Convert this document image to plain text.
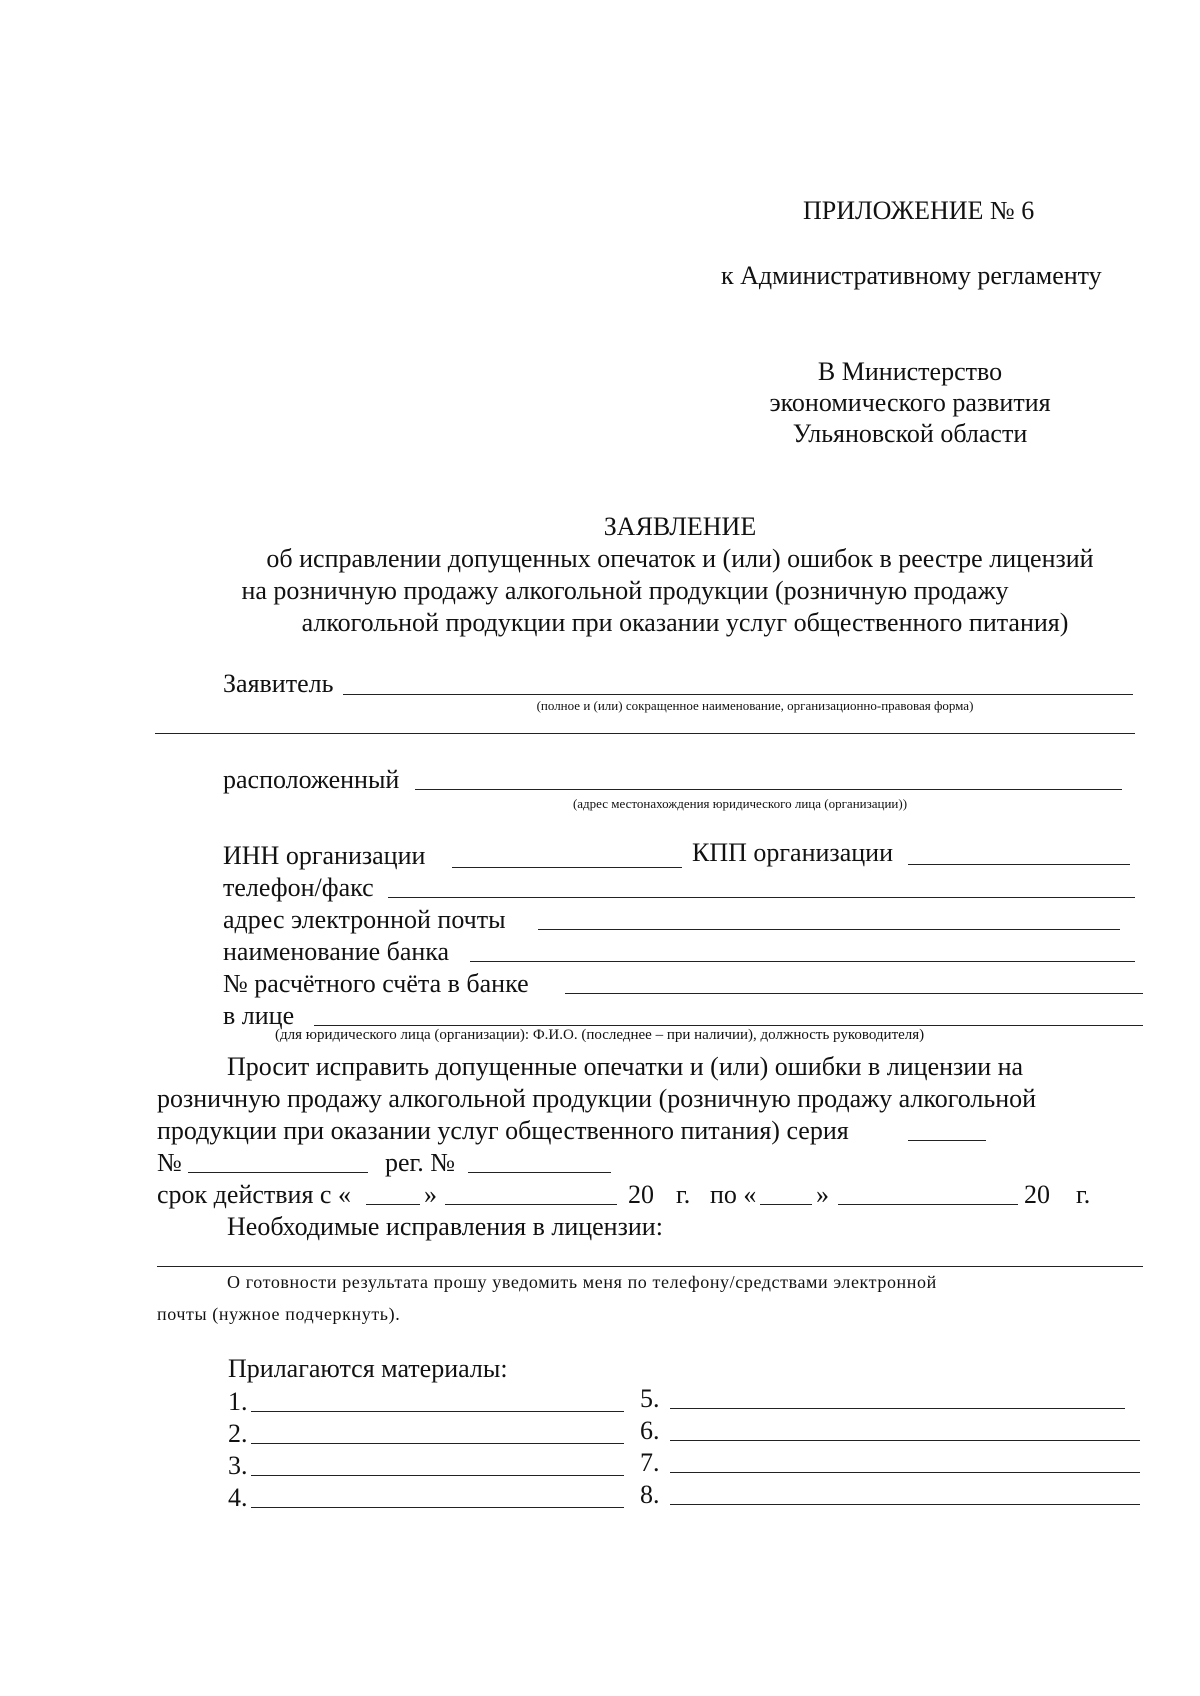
ПРИЛОЖЕНИЕ № 6
к Административному регламенту
В Министерство
экономического развития
Ульяновской области
ЗАЯВЛЕНИЕ
об исправлении допущенных опечаток и (или) ошибок в реестре лицензий
на розничную продажу алкогольной продукции (розничную продажу
алкогольной продукции при оказании услуг общественного питания)
Заявитель
(полное и (или) сокращенное наименование, организационно-правовая форма)
расположенный
(адрес местонахождения юридического лица (организации))
ИНН организации	КПП организации
телефон/факс
адрес электронной почты
наименование банка
№ расчётного счёта в банке
в лице
(для юридического лица (организации): Ф.И.О. (последнее – при наличии), должность руководителя)
Просит исправить допущенные опечатки и (или) ошибки в лицензии на
розничную продажу алкогольной продукции (розничную продажу алкогольной
продукции при оказании услуг общественного питания) серия
№	рег. №
срок действия с «	»	20 г. по « »	20 г.
Необходимые исправления в лицензии:
О готовности результата прошу уведомить меня по телефону/средствами электронной
почты (нужное подчеркнуть).
Прилагаются материалы:
1.
2.
3.
4.
5.
6.
7.
8.
